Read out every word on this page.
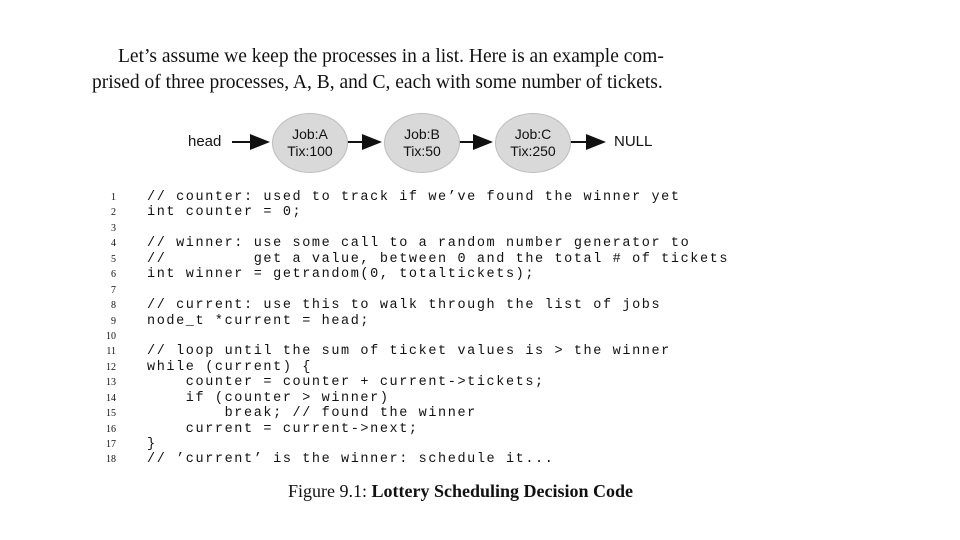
Let’s assume we keep the processes in a list. Here is an example com-
prised of three processes, A, B, and C, each with some number of tickets.
head	Job:A
Tix:100
Job:B
Tix:50
Job:C
Tix:250
NULL
1 // counter: used to track if we’ve found the winner yet
2 int counter = 0;
3
4 // winner: use some call to a random number generator to
5 //         get a value, between 0 and the total # of tickets
6 int winner = getrandom(0, totaltickets);
7
8 // current: use this to walk through the list of jobs
9 node_t *current = head;
10
11 // loop until the sum of ticket values is > the winner
12 while (current) {
13 counter = counter + current->tickets;
14 if (counter > winner)
15 break; // found the winner
16 current = current->next;
17 }
18 // ’current’ is the winner: schedule it...
Figure 9.1: Lottery Scheduling Decision Code
